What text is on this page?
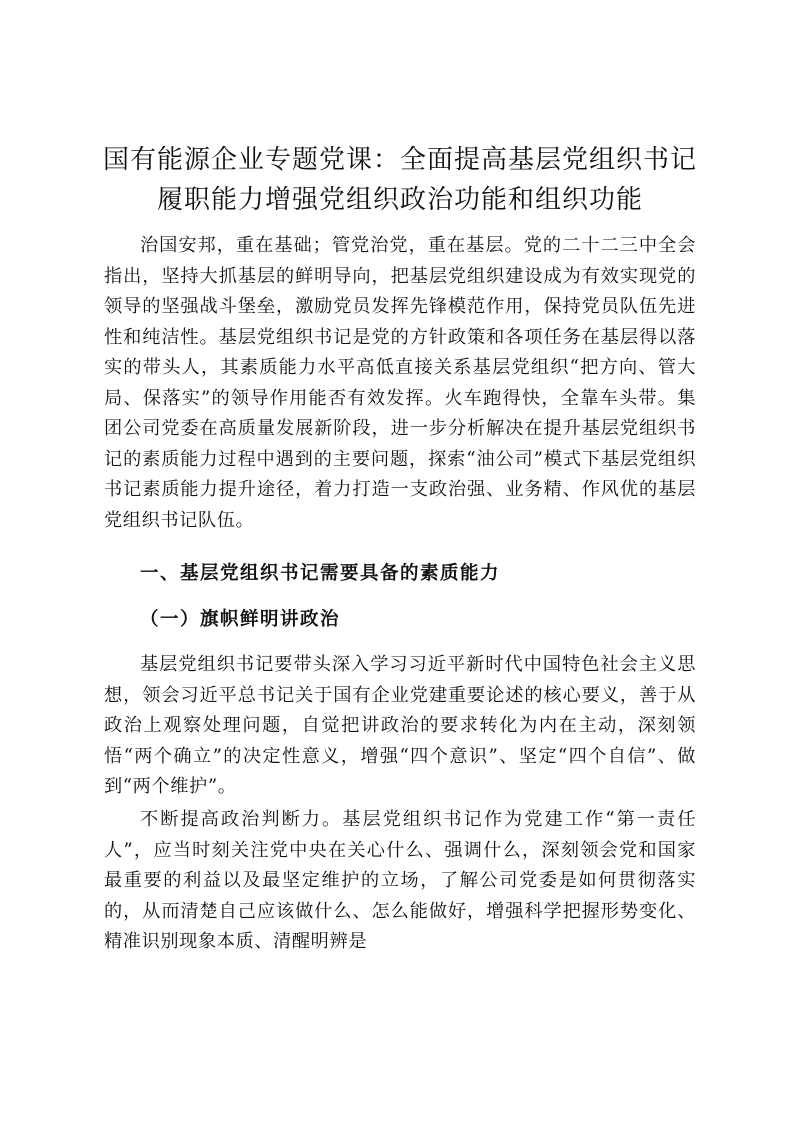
国有能源企业专题党课：全面提高基层党组织书记履职能力增强党组织政治功能和组织功能

治国安邦，重在基础；管党治党，重在基层。党的二十二三中全会指出，坚持大抓基层的鲜明导向，把基层党组织建设成为有效实现党的领导的坚强战斗堡垒，激励党员发挥先锋模范作用，保持党员队伍先进性和纯洁性。基层党组织书记是党的方针政策和各项任务在基层得以落实的带头人，其素质能力水平高低直接关系基层党组织“把方向、管大局、保落实”的领导作用能否有效发挥。火车跑得快，全靠车头带。集团公司党委在高质量发展新阶段，进一步分析解决在提升基层党组织书记的素质能力过程中遇到的主要问题，探索“油公司”模式下基层党组织书记素质能力提升途径，着力打造一支政治强、业务精、作风优的基层党组织书记队伍。

一、基层党组织书记需要具备的素质能力
（一）旗帜鲜明讲政治

基层党组织书记要带头深入学习习近平新时代中国特色社会主义思想，领会习近平总书记关于国有企业党建重要论述的核心要义，善于从政治上观察处理问题，自觉把讲政治的要求转化为内在主动，深刻领悟“两个确立”的决定性意义，增强“四个意识”、坚定“四个自信”、做到“两个维护”。

不断提高政治判断力。基层党组织书记作为党建工作“第一责任人”，应当时刻关注党中央在关心什么、强调什么，深刻领会党和国家最重要的利益以及最坚定维护的立场，了解公司党委是如何贯彻落实的，从而清楚自己应该做什么、怎么能做好，增强科学把握形势变化、精准识别现象本质、清醒明辨是
